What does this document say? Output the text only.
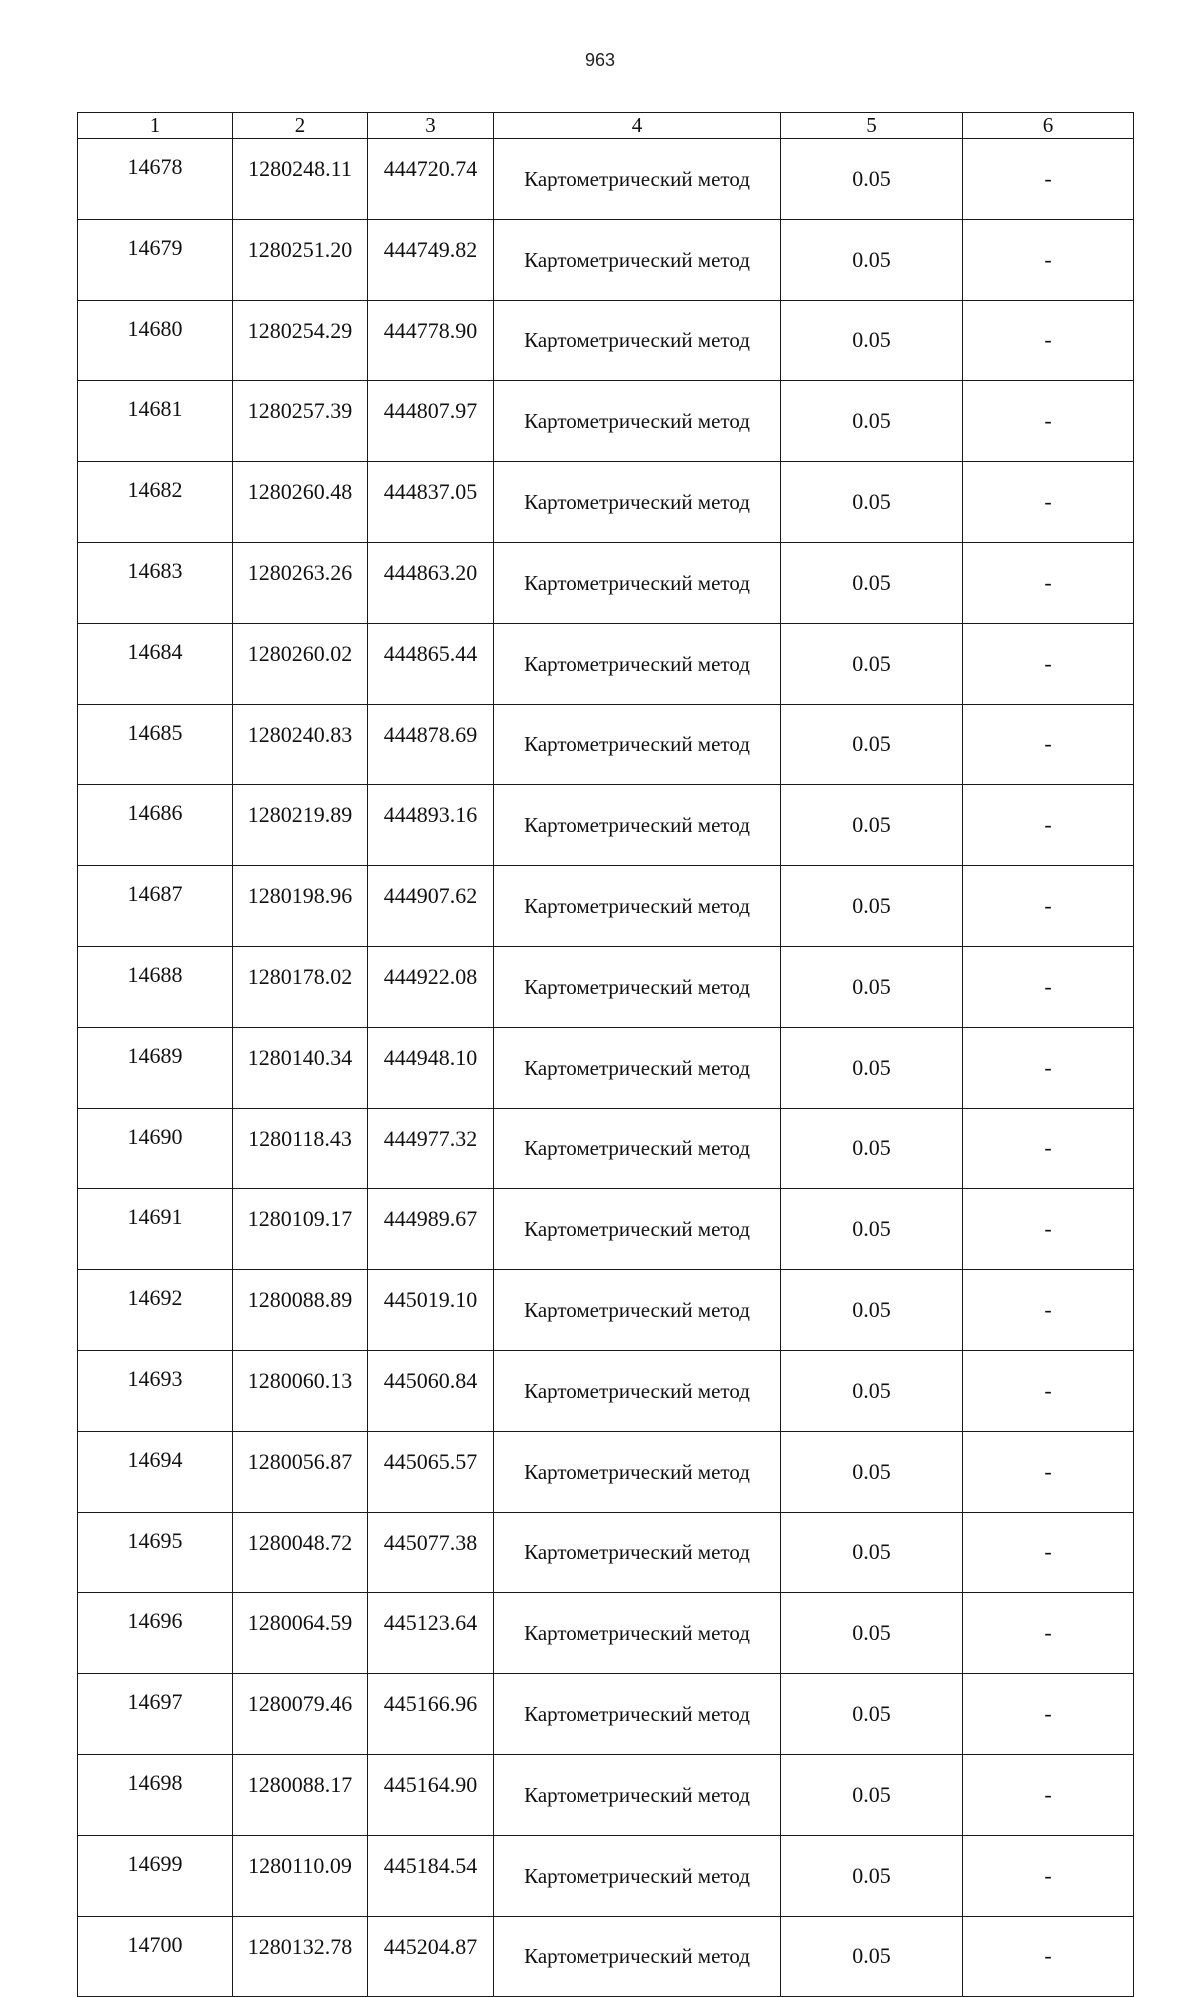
963
1	2	3	4	5	6
14678	1280248.11	444720.74	Картометрический метод	0.05	-
14679	1280251.20	444749.82	Картометрический метод	0.05	-
14680	1280254.29	444778.90	Картометрический метод	0.05	-
14681	1280257.39	444807.97	Картометрический метод	0.05	-
14682	1280260.48	444837.05	Картометрический метод	0.05	-
14683	1280263.26	444863.20	Картометрический метод	0.05	-
14684	1280260.02	444865.44	Картометрический метод	0.05	-
14685	1280240.83	444878.69	Картометрический метод	0.05	-
14686	1280219.89	444893.16	Картометрический метод	0.05	-
14687	1280198.96	444907.62	Картометрический метод	0.05	-
14688	1280178.02	444922.08	Картометрический метод	0.05	-
14689	1280140.34	444948.10	Картометрический метод	0.05	-
14690	1280118.43	444977.32	Картометрический метод	0.05	-
14691	1280109.17	444989.67	Картометрический метод	0.05	-
14692	1280088.89	445019.10	Картометрический метод	0.05	-
14693	1280060.13	445060.84	Картометрический метод	0.05	-
14694	1280056.87	445065.57	Картометрический метод	0.05	-
14695	1280048.72	445077.38	Картометрический метод	0.05	-
14696	1280064.59	445123.64	Картометрический метод	0.05	-
14697	1280079.46	445166.96	Картометрический метод	0.05	-
14698	1280088.17	445164.90	Картометрический метод	0.05	-
14699	1280110.09	445184.54	Картометрический метод	0.05	-
14700	1280132.78	445204.87	Картометрический метод	0.05	-
